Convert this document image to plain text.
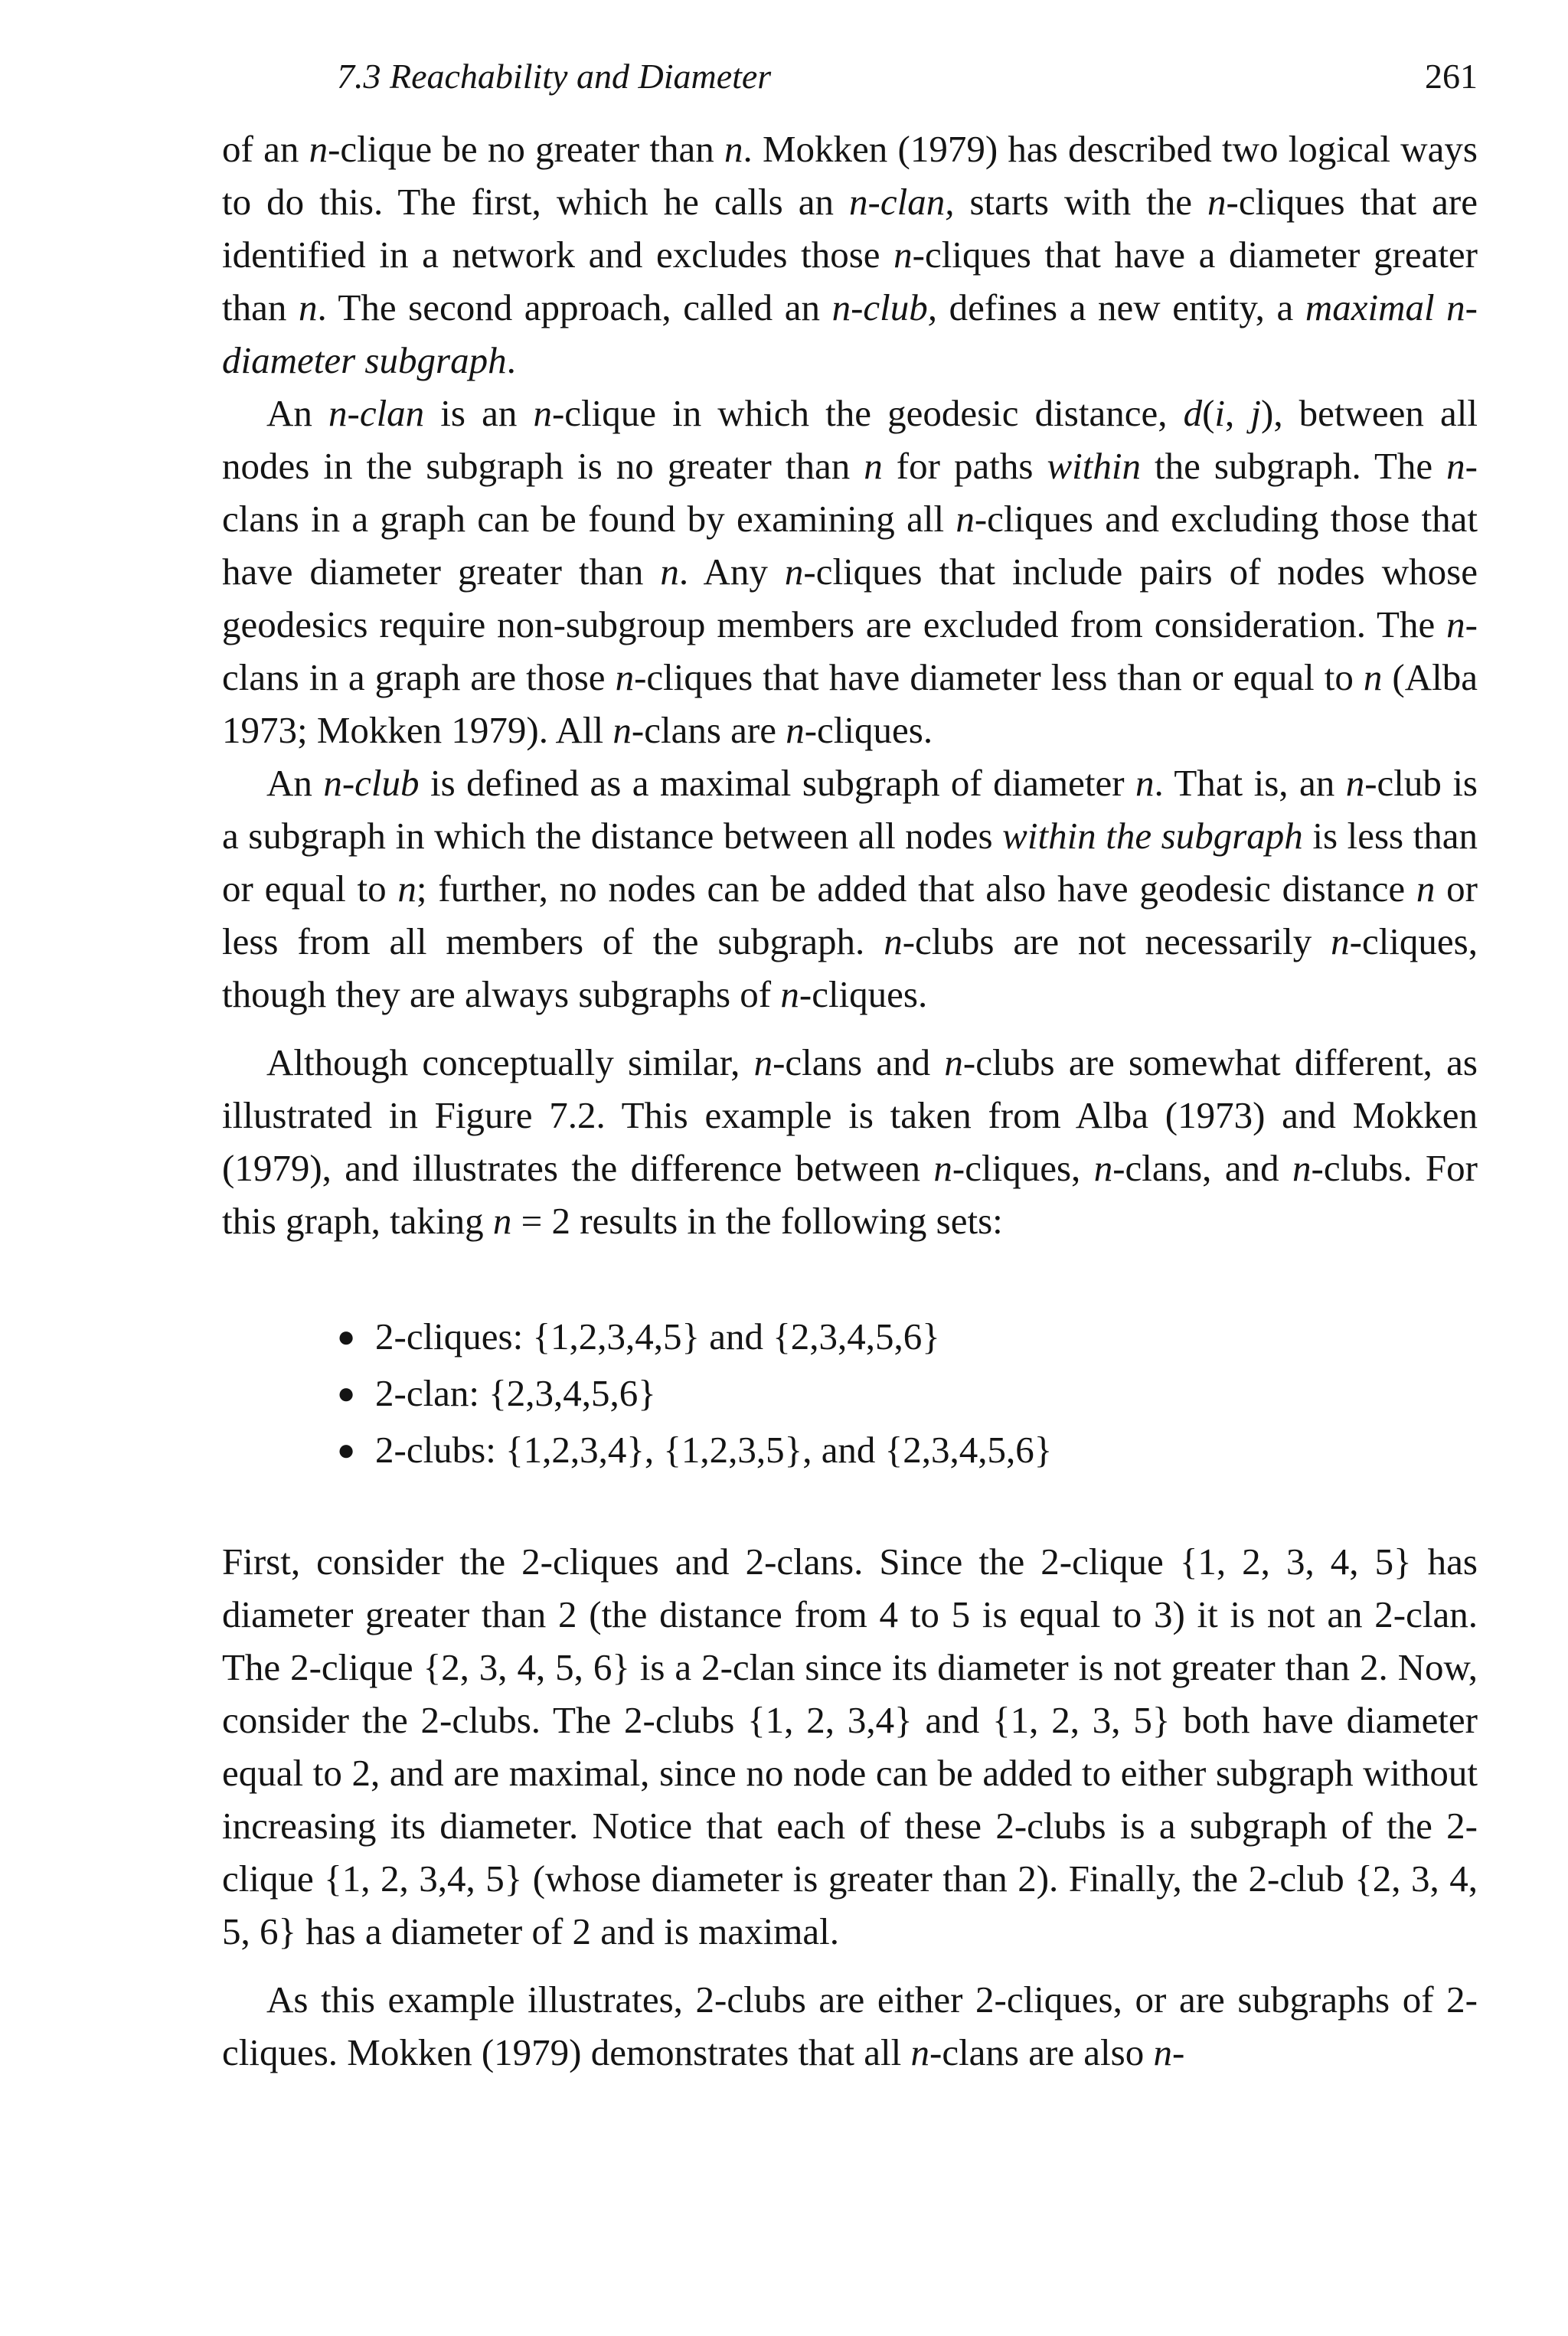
7.3 Reachability and Diameter	261

of an n-clique be no greater than n. Mokken (1979) has described two logical ways to do this. The first, which he calls an n-clan, starts with the n-cliques that are identified in a network and excludes those n-cliques that have a diameter greater than n. The second approach, called an n-club, defines a new entity, a maximal n-diameter subgraph.

An n-clan is an n-clique in which the geodesic distance, d(i, j), between all nodes in the subgraph is no greater than n for paths within the subgraph. The n-clans in a graph can be found by examining all n-cliques and excluding those that have diameter greater than n. Any n-cliques that include pairs of nodes whose geodesics require non-subgroup members are excluded from consideration. The n-clans in a graph are those n-cliques that have diameter less than or equal to n (Alba 1973; Mokken 1979). All n-clans are n-cliques.

An n-club is defined as a maximal subgraph of diameter n. That is, an n-club is a subgraph in which the distance between all nodes within the subgraph is less than or equal to n; further, no nodes can be added that also have geodesic distance n or less from all members of the subgraph. n-clubs are not necessarily n-cliques, though they are always subgraphs of n-cliques.

Although conceptually similar, n-clans and n-clubs are somewhat different, as illustrated in Figure 7.2. This example is taken from Alba (1973) and Mokken (1979), and illustrates the difference between n-cliques, n-clans, and n-clubs. For this graph, taking n = 2 results in the following sets:

● 2-cliques: {1,2,3,4,5} and {2,3,4,5,6}
● 2-clan: {2,3,4,5,6}
● 2-clubs: {1,2,3,4}, {1,2,3,5}, and {2,3,4,5,6}

First, consider the 2-cliques and 2-clans. Since the 2-clique {1, 2, 3, 4, 5} has diameter greater than 2 (the distance from 4 to 5 is equal to 3) it is not an 2-clan. The 2-clique {2, 3, 4, 5, 6} is a 2-clan since its diameter is not greater than 2. Now, consider the 2-clubs. The 2-clubs {1, 2, 3,4} and {1, 2, 3, 5} both have diameter equal to 2, and are maximal, since no node can be added to either subgraph without increasing its diameter. Notice that each of these 2-clubs is a subgraph of the 2-clique {1, 2, 3,4, 5} (whose diameter is greater than 2). Finally, the 2-club {2, 3, 4, 5, 6} has a diameter of 2 and is maximal.

As this example illustrates, 2-clubs are either 2-cliques, or are subgraphs of 2-cliques. Mokken (1979) demonstrates that all n-clans are also n-
